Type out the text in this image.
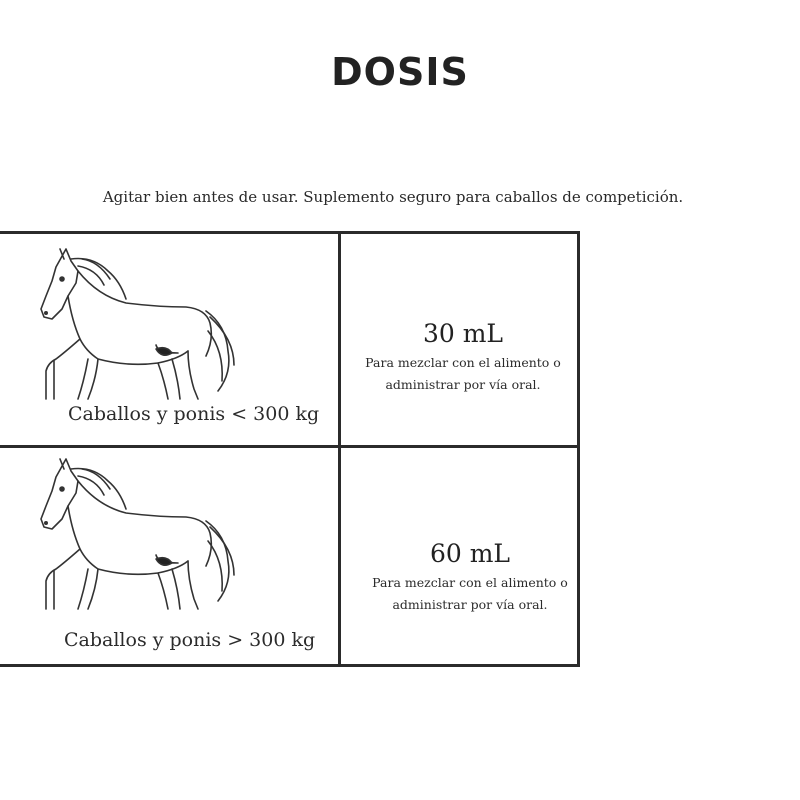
DOSIS
Agitar bien antes de usar. Suplemento seguro para caballos de competición.
Caballos y ponis < 300 kg
30 mL
Para mezclar con el alimento o
administrar por vía oral.
Caballos y ponis > 300 kg
60 mL
Para mezclar con el alimento o
administrar por vía oral.
